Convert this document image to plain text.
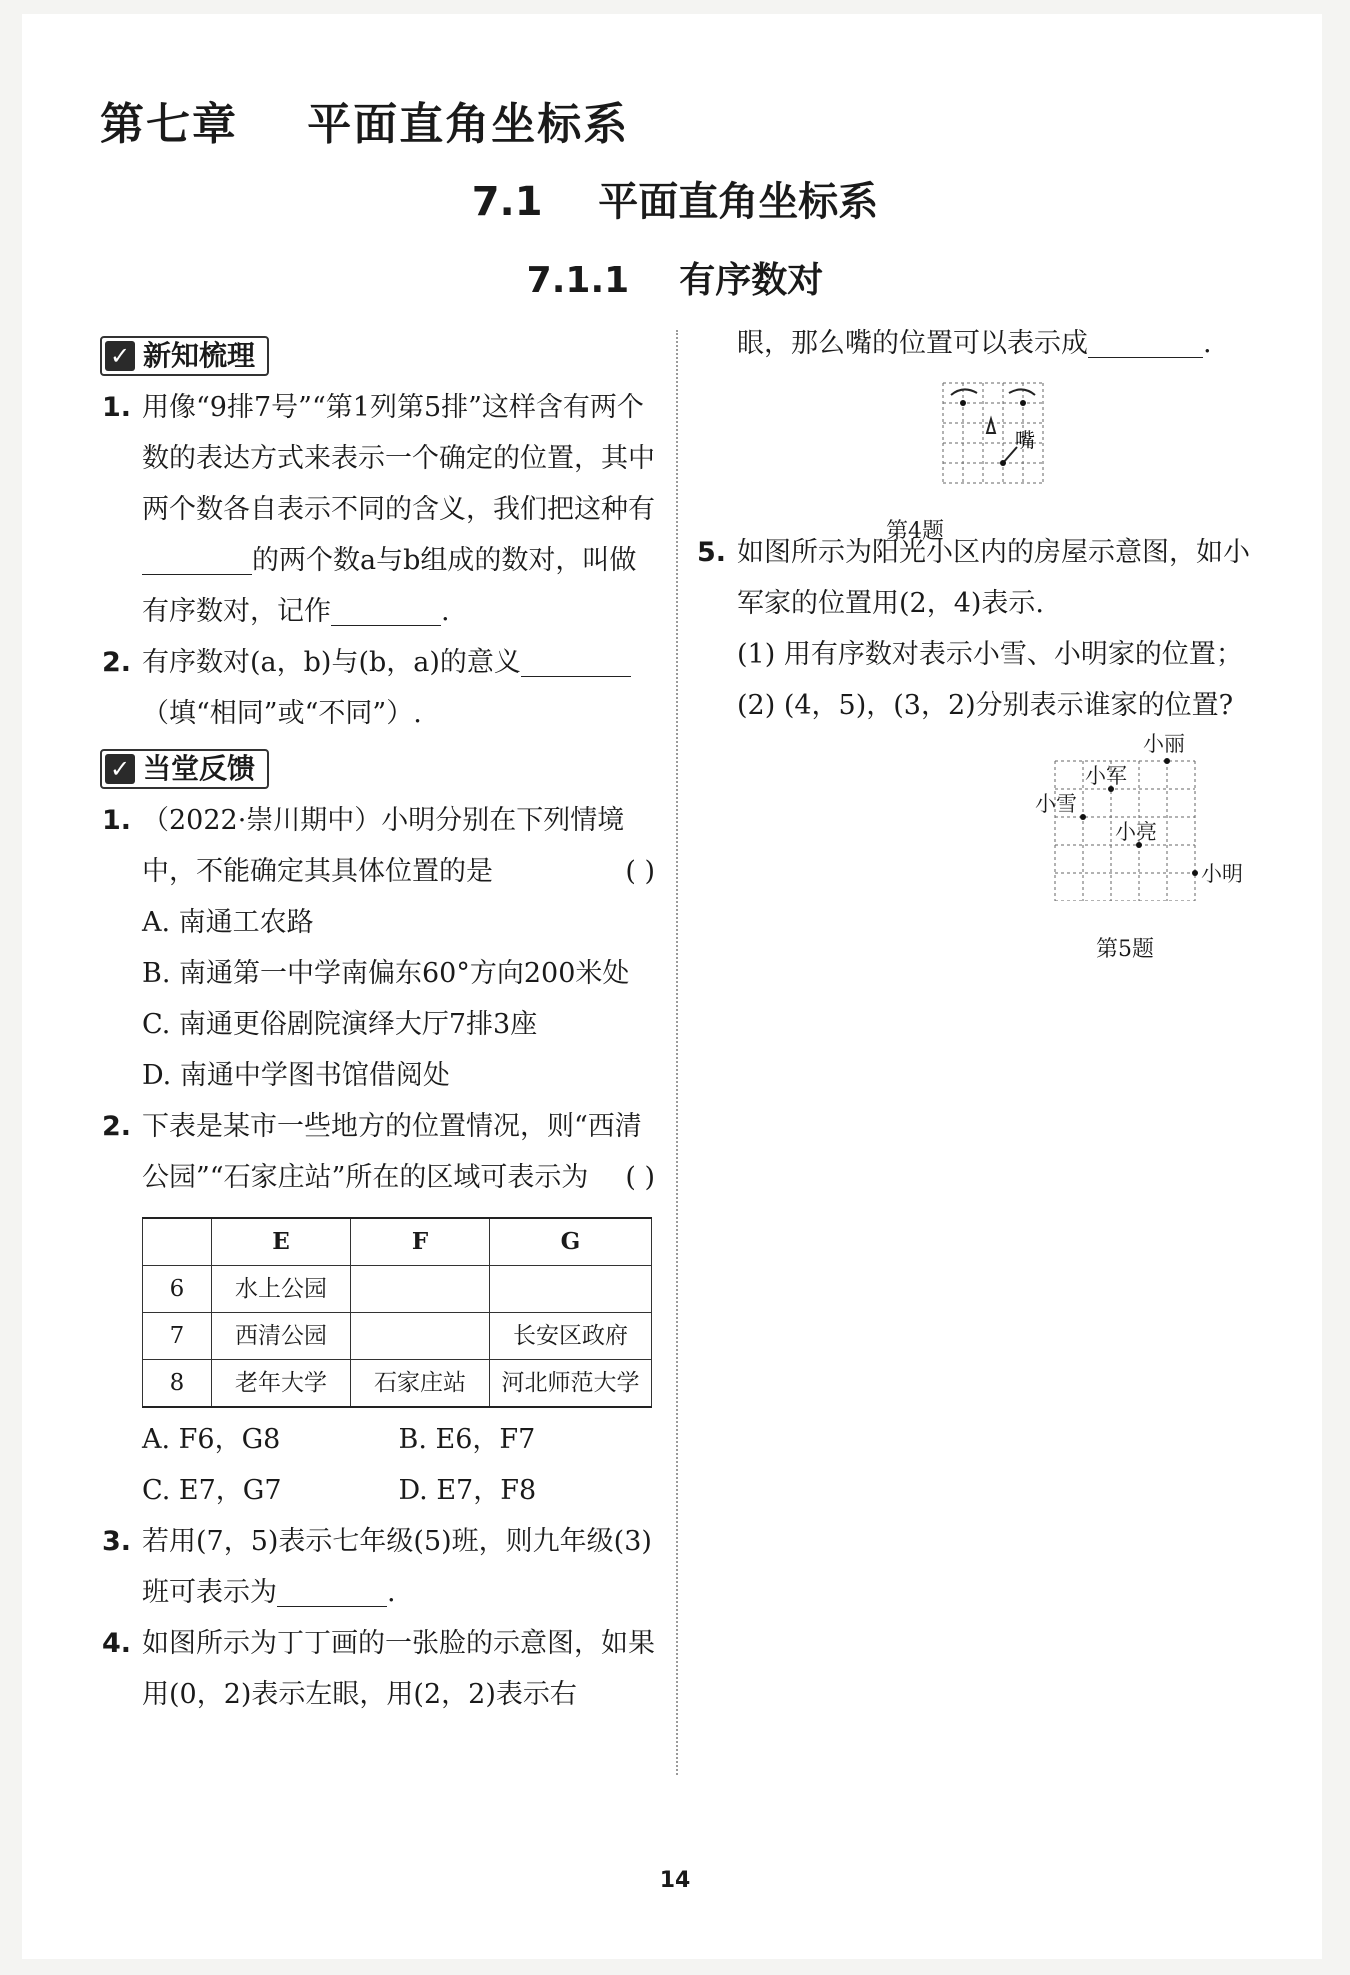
第七章    平面直角坐标系
7.1    平面直角坐标系
7.1.1    有序数对
✓ 新知梳理
1. 用像“9排7号”“第1列第5排”这样含有两个数的表达方式来表示一个确定的位置，其中两个数各自表示不同的含义，我们把这种有的两个数a与b组成的数对，叫做有序数对，记作	.
2. 有序数对(a，b)与(b，a)的意义（填“相同”或“不同”）.
✓ 当堂反馈
1. （2022·崇川期中）小明分别在下列情境中，不能确定其具体位置的是	( )
A. 南通工农路
B. 南通第一中学南偏东60°方向200米处
C. 南通更俗剧院演绎大厅7排3座
D. 南通中学图书馆借阅处
2. 下表是某市一些地方的位置情况，则“西清公园”“石家庄站”所在的区域可表示为 ( )
	E	F	G
6	水上公园		
7	西清公园		长安区政府
8	老年大学	石家庄站	河北师范大学
A. F6，G8	B. E6，F7
C. E7，G7	D. E7，F8
3. 若用(7，5)表示七年级(5)班，则九年级(3)班可表示为	.
4. 如图所示为丁丁画的一张脸的示意图，如果用(0，2)表示左眼，用(2，2)表示右
眼，那么嘴的位置可以表示成	.
嘴
第4题
5. 如图所示为阳光小区内的房屋示意图，如小军家的位置用(2，4)表示.
(1) 用有序数对表示小雪、小明家的位置；
(2) (4，5)，(3，2)分别表示谁家的位置?
小丽
小军
小雪
小亮
小明
第5题
14
